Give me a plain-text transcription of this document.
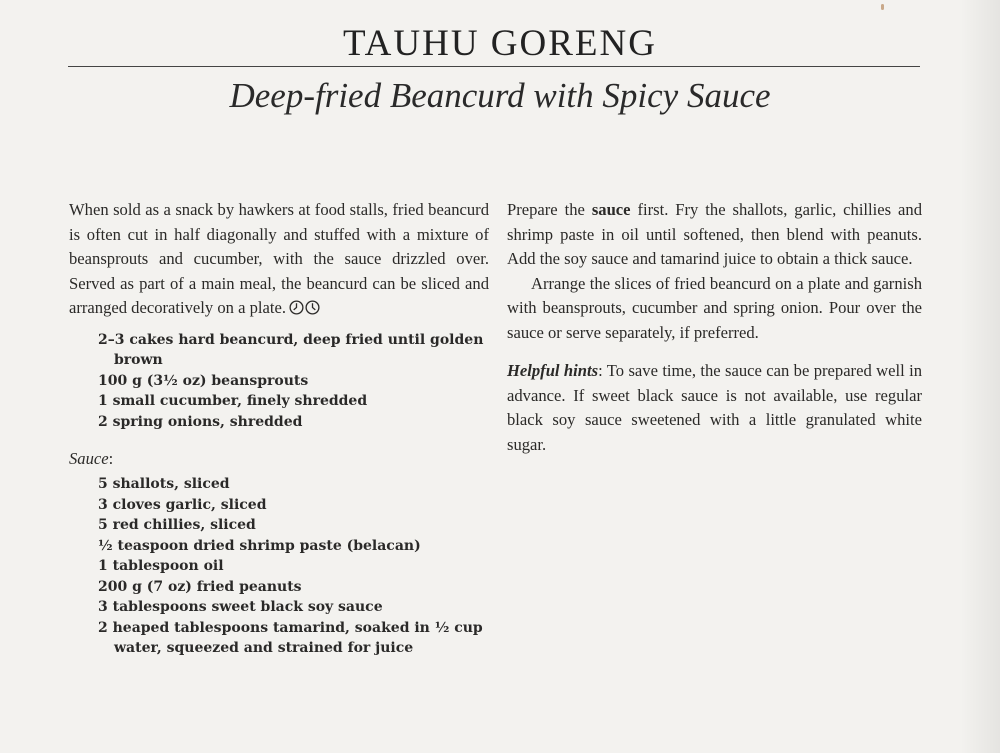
TAUHU GORENG
Deep-fried Beancurd with Spicy Sauce

When sold as a snack by hawkers at food stalls, fried beancurd is often cut in half diagonally and stuffed with a mixture of beansprouts and cucumber, with the sauce drizzled over. Served as part of a main meal, the beancurd can be sliced and arranged decoratively on a plate.

2–3 cakes hard beancurd, deep fried until golden brown
100 g (3½ oz) beansprouts
1 small cucumber, finely shredded
2 spring onions, shredded

Sauce:

5 shallots, sliced
3 cloves garlic, sliced
5 red chillies, sliced
½ teaspoon dried shrimp paste (belacan)
1 tablespoon oil
200 g (7 oz) fried peanuts
3 tablespoons sweet black soy sauce
2 heaped tablespoons tamarind, soaked in ½ cup water, squeezed and strained for juice

Prepare the sauce first. Fry the shallots, garlic, chillies and shrimp paste in oil until softened, then blend with peanuts. Add the soy sauce and tamarind juice to obtain a thick sauce.

Arrange the slices of fried beancurd on a plate and garnish with beansprouts, cucumber and spring onion. Pour over the sauce or serve separately, if preferred.

Helpful hints: To save time, the sauce can be prepared well in advance. If sweet black sauce is not available, use regular black soy sauce sweetened with a little granulated white sugar.
